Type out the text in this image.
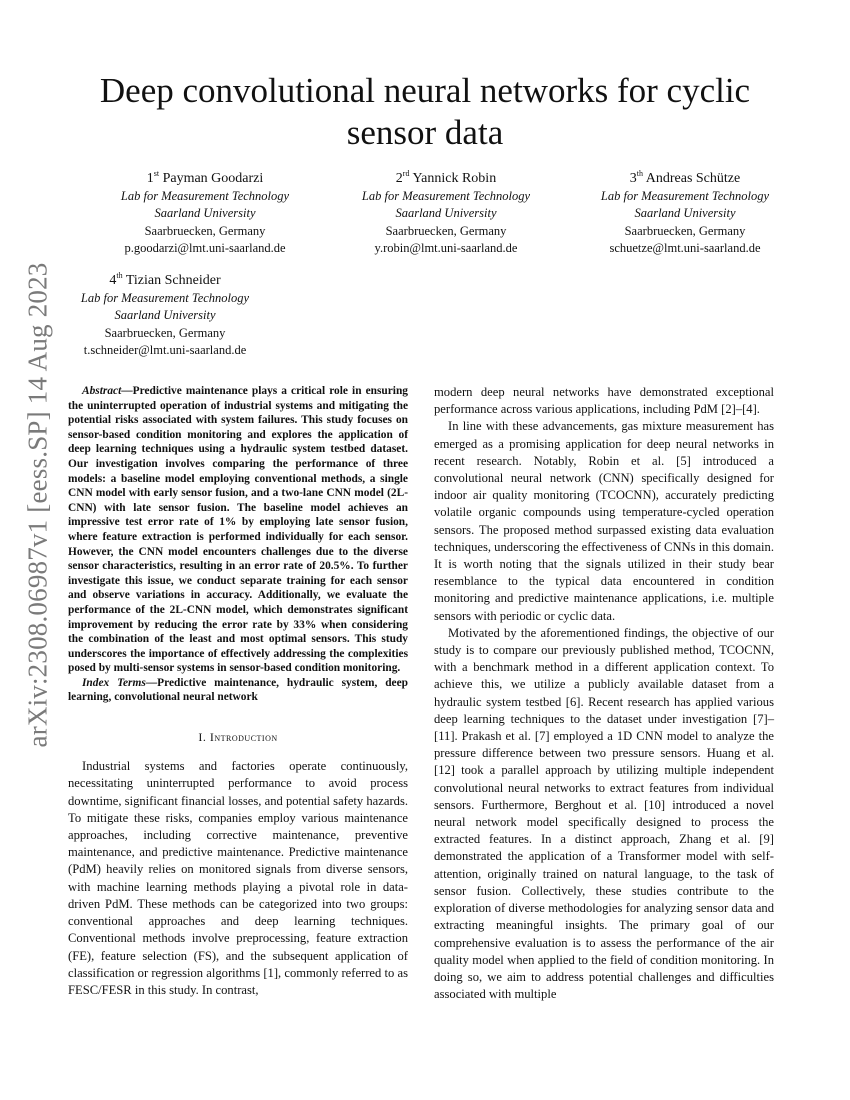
arXiv:2308.06987v1 [eess.SP] 14 Aug 2023
Deep convolutional neural networks for cyclic sensor data
1st Payman Goodarzi
Lab for Measurement Technology
Saarland University
Saarbruecken, Germany
p.goodarzi@lmt.uni-saarland.de
2rd Yannick Robin
Lab for Measurement Technology
Saarland University
Saarbruecken, Germany
y.robin@lmt.uni-saarland.de
3th Andreas Schütze
Lab for Measurement Technology
Saarland University
Saarbruecken, Germany
schuetze@lmt.uni-saarland.de
4th Tizian Schneider
Lab for Measurement Technology
Saarland University
Saarbruecken, Germany
t.schneider@lmt.uni-saarland.de

Abstract—Predictive maintenance plays a critical role in ensuring the uninterrupted operation of industrial systems and mitigating the potential risks associated with system failures. This study focuses on sensor-based condition monitoring and explores the application of deep learning techniques using a hydraulic system testbed dataset. Our investigation involves comparing the performance of three models: a baseline model employing conventional methods, a single CNN model with early sensor fusion, and a two-lane CNN model (2L-CNN) with late sensor fusion. The baseline model achieves an impressive test error rate of 1% by employing late sensor fusion, where feature extraction is performed individually for each sensor. However, the CNN model encounters challenges due to the diverse sensor characteristics, resulting in an error rate of 20.5%. To further investigate this issue, we conduct separate training for each sensor and observe variations in accuracy. Additionally, we evaluate the performance of the 2L-CNN model, which demonstrates significant improvement by reducing the error rate by 33% when considering the combination of the least and most optimal sensors. This study underscores the importance of effectively addressing the complexities posed by multi-sensor systems in sensor-based condition monitoring.

Index Terms—Predictive maintenance, hydraulic system, deep learning, convolutional neural network

I. Introduction

Industrial systems and factories operate continuously, necessitating uninterrupted performance to avoid process downtime, significant financial losses, and potential safety hazards. To mitigate these risks, companies employ various maintenance approaches, including corrective maintenance, preventive maintenance, and predictive maintenance. Predictive maintenance (PdM) heavily relies on monitored signals from diverse sensors, with machine learning methods playing a pivotal role in data-driven PdM. These methods can be categorized into two groups: conventional approaches and deep learning techniques. Conventional methods involve preprocessing, feature extraction (FE), feature selection (FS), and the subsequent application of classification or regression algorithms [1], commonly referred to as FESC/FESR in this study. In contrast,

modern deep neural networks have demonstrated exceptional performance across various applications, including PdM [2]–[4].

In line with these advancements, gas mixture measurement has emerged as a promising application for deep neural networks in recent research. Notably, Robin et al. [5] introduced a convolutional neural network (CNN) specifically designed for indoor air quality monitoring (TCOCNN), accurately predicting volatile organic compounds using temperature-cycled operation sensors. The proposed method surpassed existing data evaluation techniques, underscoring the effectiveness of CNNs in this domain. It is worth noting that the signals utilized in their study bear resemblance to the typical data encountered in condition monitoring and predictive maintenance applications, i.e. multiple sensors with periodic or cyclic data.

Motivated by the aforementioned findings, the objective of our study is to compare our previously published method, TCOCNN, with a benchmark method in a different application context. To achieve this, we utilize a publicly available dataset from a hydraulic system testbed [6]. Recent research has applied various deep learning techniques to the dataset under investigation [7]–[11]. Prakash et al. [7] employed a 1D CNN model to analyze the pressure difference between two pressure sensors. Huang et al. [12] took a parallel approach by utilizing multiple independent convolutional neural networks to extract features from individual sensors. Furthermore, Berghout et al. [10] introduced a novel neural network model specifically designed to process the extracted features. In a distinct approach, Zhang et al. [9] demonstrated the application of a Transformer model with self-attention, originally trained on natural language, to the task of sensor fusion. Collectively, these studies contribute to the exploration of diverse methodologies for analyzing sensor data and extracting meaningful insights. The primary goal of our comprehensive evaluation is to assess the performance of the air quality model when applied to the field of condition monitoring. In doing so, we aim to address potential challenges and difficulties associated with multiple
